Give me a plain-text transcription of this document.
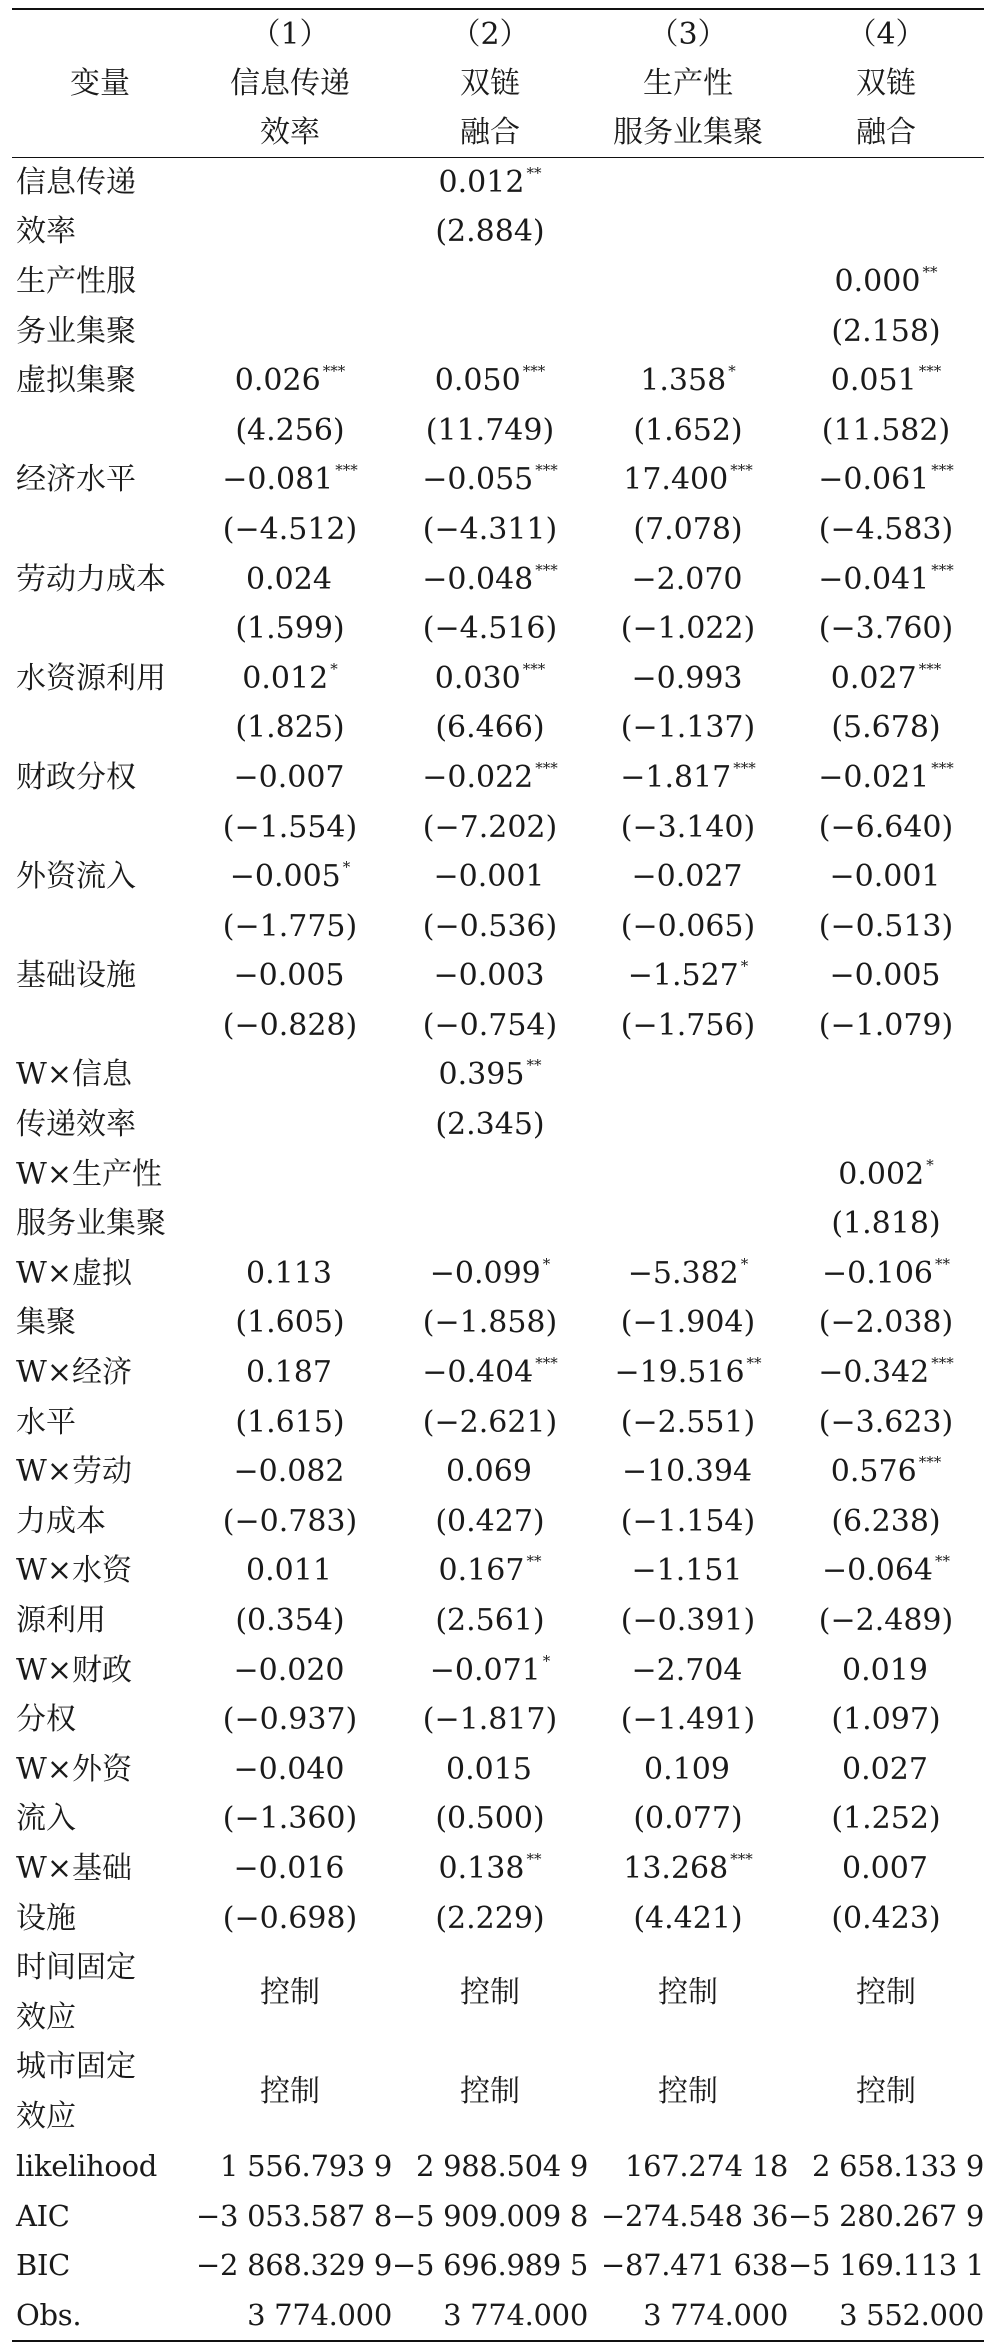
变量	（1）	（2）	（3）	（4）
	信息传递	双链	生产性	双链
	效率	融合	服务业集聚	融合
信息传递		0.012 **		
效率		(2.884)		
生产性服				0.000 **
务业集聚				(2.158)
虚拟集聚	0.026 ***	0.050 ***	1.358 *	0.051 ***
	(4.256)	(11.749)	(1.652)	(11.582)
经济水平	−0.081 ***	−0.055 ***	17.400 ***	−0.061 ***
	(−4.512)	(−4.311)	(7.078)	(−4.583)
劳动力成本	0.024	−0.048 ***	−2.070	−0.041 ***
	(1.599)	(−4.516)	(−1.022)	(−3.760)
水资源利用	0.012 *	0.030 ***	−0.993	0.027 ***
	(1.825)	(6.466)	(−1.137)	(5.678)
财政分权	−0.007	−0.022 ***	−1.817 ***	−0.021 ***
	(−1.554)	(−7.202)	(−3.140)	(−6.640)
外资流入	−0.005 *	−0.001	−0.027	−0.001
	(−1.775)	(−0.536)	(−0.065)	(−0.513)
基础设施	−0.005	−0.003	−1.527 *	−0.005
	(−0.828)	(−0.754)	(−1.756)	(−1.079)
W×信息		0.395 **		
传递效率		(2.345)		
W×生产性				0.002 *
服务业集聚				(1.818)
W×虚拟	0.113	−0.099 *	−5.382 *	−0.106 **
集聚	(1.605)	(−1.858)	(−1.904)	(−2.038)
W×经济	0.187	−0.404 ***	−19.516 **	−0.342 ***
水平	(1.615)	(−2.621)	(−2.551)	(−3.623)
W×劳动	−0.082	0.069	−10.394	0.576 ***
力成本	(−0.783)	(0.427)	(−1.154)	(6.238)
W×水资	0.011	0.167 **	−1.151	−0.064 **
源利用	(0.354)	(2.561)	(−0.391)	(−2.489)
W×财政	−0.020	−0.071 *	−2.704	0.019
分权	(−0.937)	(−1.817)	(−1.491)	(1.097)
W×外资	−0.040	0.015	0.109	0.027
流入	(−1.360)	(0.500)	(0.077)	(1.252)
W×基础	−0.016	0.138 **	13.268 ***	0.007
设施	(−0.698)	(2.229)	(4.421)	(0.423)
时间固定	控制	控制	控制	控制
效应				
城市固定	控制	控制	控制	控制
效应				
likelihood	1 556.793 9	2 988.504 9	167.274 18	2 658.133 9
AIC	−3 053.587 8	−5 909.009 8	−274.548 36	−5 280.267 9
BIC	−2 868.329 9	−5 696.989 5	−87.471 638	−5 169.113 1
Obs.	3 774.000	3 774.000	3 774.000	3 552.000
